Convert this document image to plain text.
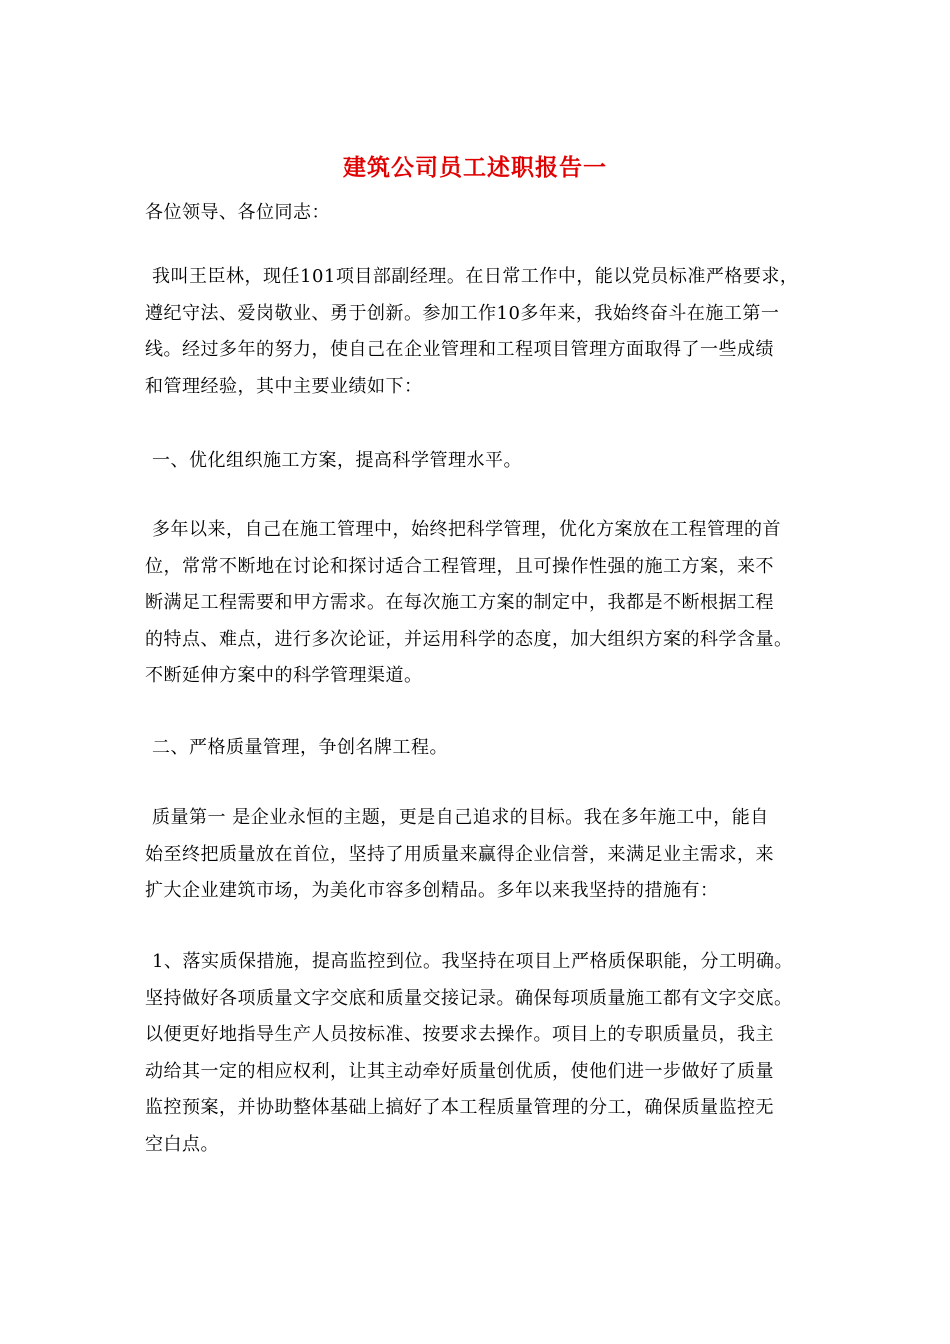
建筑公司员工述职报告一
各位领导、各位同志：
我叫王臣林，现任101项目部副经理。在日常工作中，能以党员标准严格要求，
遵纪守法、爱岗敬业、勇于创新。参加工作10多年来，我始终奋斗在施工第一
线。经过多年的努力，使自己在企业管理和工程项目管理方面取得了一些成绩
和管理经验，其中主要业绩如下：
一、优化组织施工方案，提高科学管理水平。
多年以来，自己在施工管理中，始终把科学管理，优化方案放在工程管理的首
位，常常不断地在讨论和探讨适合工程管理，且可操作性强的施工方案，来不
断满足工程需要和甲方需求。在每次施工方案的制定中，我都是不断根据工程
的特点、难点，进行多次论证，并运用科学的态度，加大组织方案的科学含量。
不断延伸方案中的科学管理渠道。
二、严格质量管理，争创名牌工程。
质量第一 是企业永恒的主题，更是自己追求的目标。我在多年施工中，能自
始至终把质量放在首位，坚持了用质量来赢得企业信誉，来满足业主需求，来
扩大企业建筑市场，为美化市容多创精品。多年以来我坚持的措施有：
1、落实质保措施，提高监控到位。我坚持在项目上严格质保职能，分工明确。
坚持做好各项质量文字交底和质量交接记录。确保每项质量施工都有文字交底。
以便更好地指导生产人员按标准、按要求去操作。项目上的专职质量员，我主
动给其一定的相应权利，让其主动牵好质量创优质，使他们进一步做好了质量
监控预案，并协助整体基础上搞好了本工程质量管理的分工，确保质量监控无
空白点。
